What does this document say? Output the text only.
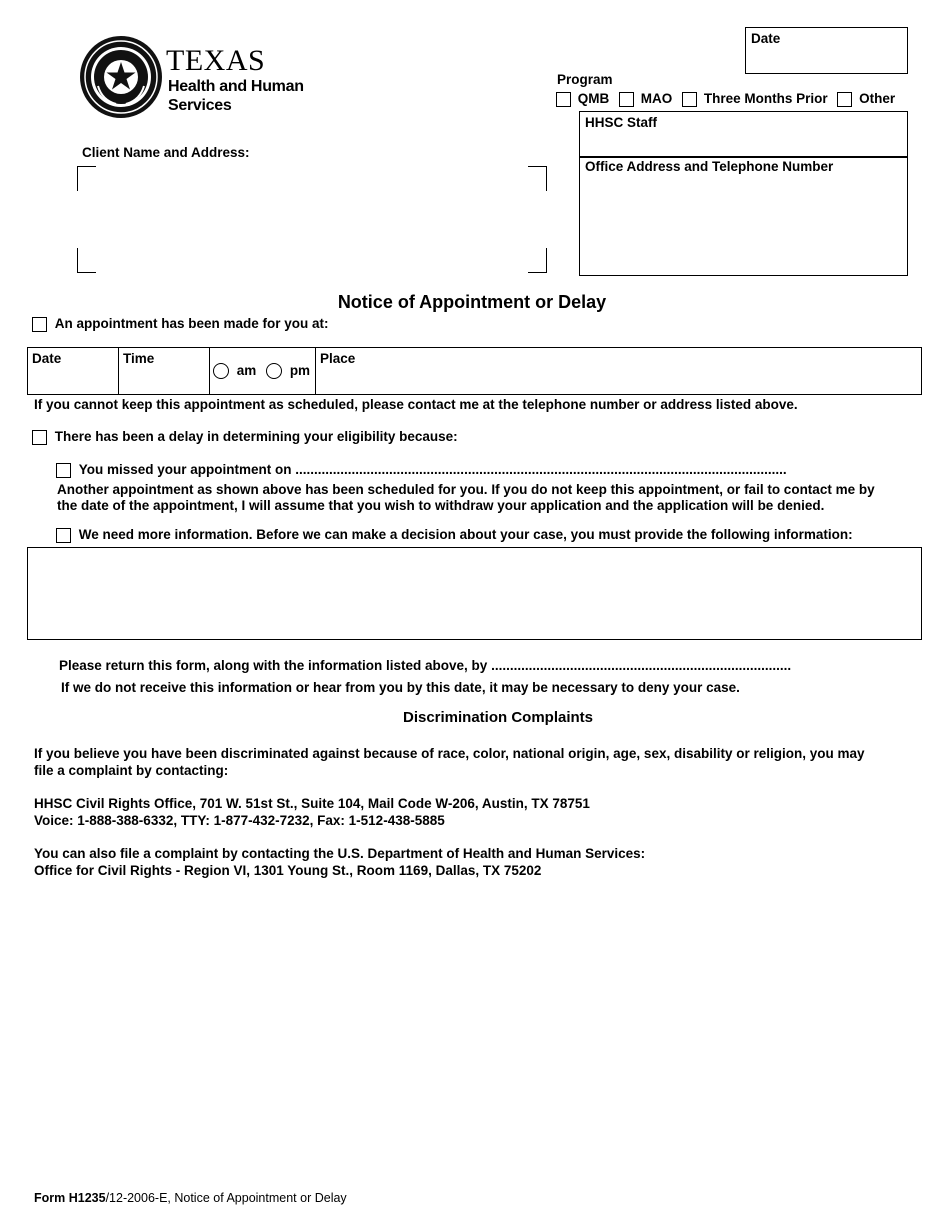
TEXAS
Health and Human
Services
Date
Program
QMB MAO Three Months Prior Other
HHSC Staff
Office Address and Telephone Number
Client Name and Address:
Notice of Appointment or Delay
An appointment has been made for you at:
Date	Time
am pm
Place
If you cannot keep this appointment as scheduled, please contact me at the telephone number or address listed above.
There has been a delay in determining your eligibility because:
You missed your appointment on ...................................................................................................................................
Another appointment as shown above has been scheduled for you. If you do not keep this appointment, or fail to contact me by
the date of the appointment, I will assume that you wish to withdraw your application and the application will be denied.
We need more information. Before we can make a decision about your case, you must provide the following information:
Please return this form, along with the information listed above, by ................................................................................
If we do not receive this information or hear from you by this date, it may be necessary to deny your case.
Discrimination Complaints
If you believe you have been discriminated against because of race, color, national origin, age, sex, disability or religion, you may
file a complaint by contacting:
HHSC Civil Rights Office, 701 W. 51st St., Suite 104, Mail Code W-206, Austin, TX 78751
Voice: 1-888-388-6332, TTY: 1-877-432-7232, Fax: 1-512-438-5885
You can also file a complaint by contacting the U.S. Department of Health and Human Services:
Office for Civil Rights - Region VI, 1301 Young St., Room 1169, Dallas, TX 75202
Form H1235/12-2006-E, Notice of Appointment or Delay
